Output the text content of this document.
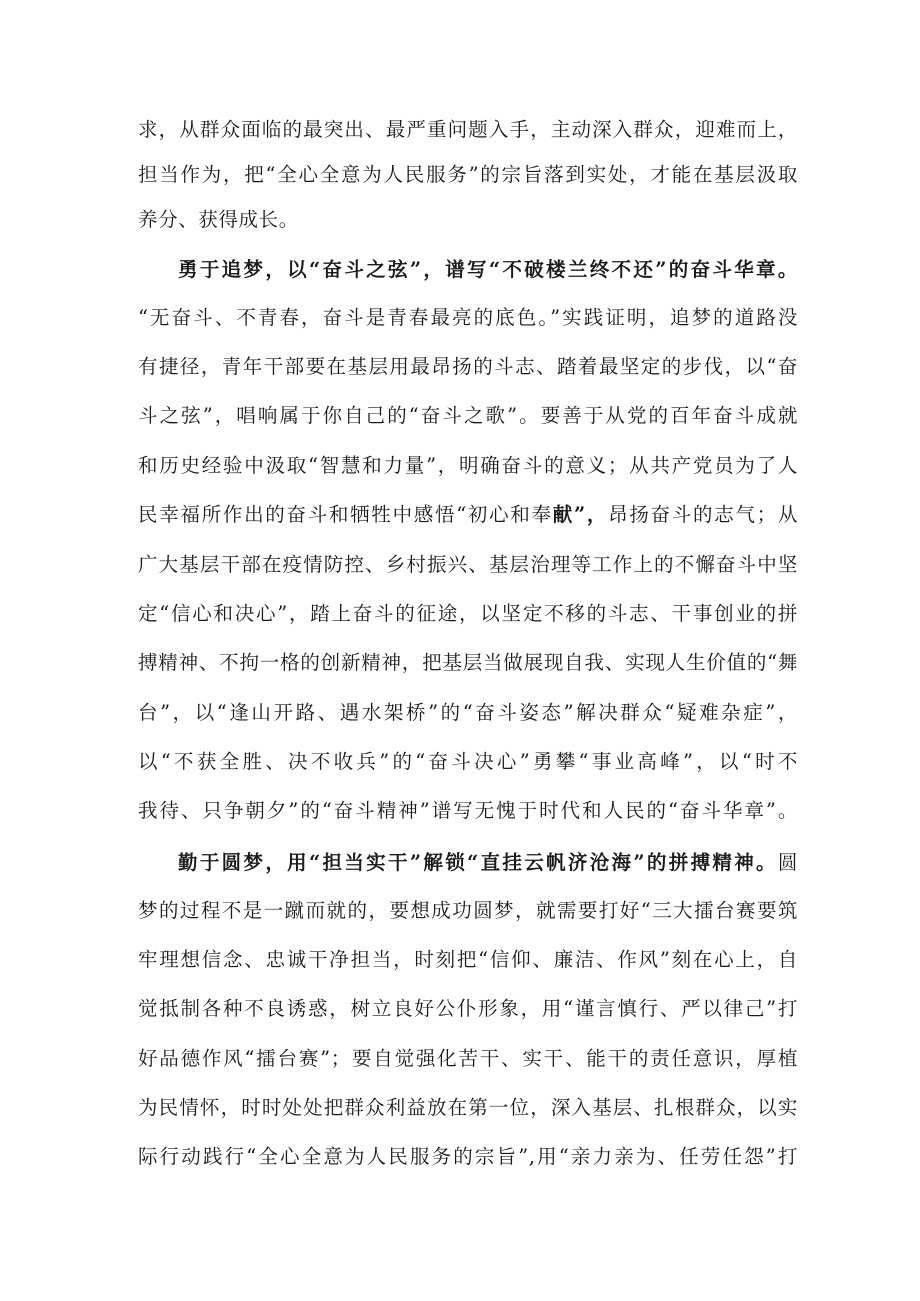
求，从群众面临的最突出、最严重问题入手，主动深入群众，迎难而上，
担当作为，把“全心全意为人民服务”的宗旨落到实处，才能在基层汲取
养分、获得成长。
勇于追梦，以“奋斗之弦”，谱写“不破楼兰终不还”的奋斗华章。
“无奋斗、不青春，奋斗是青春最亮的底色。”实践证明，追梦的道路没
有捷径，青年干部要在基层用最昂扬的斗志、踏着最坚定的步伐，以“奋
斗之弦”，唱响属于你自己的“奋斗之歌”。要善于从党的百年奋斗成就
和历史经验中汲取“智慧和力量”，明确奋斗的意义；从共产党员为了人
民幸福所作出的奋斗和牺牲中感悟“初心和奉献”，昂扬奋斗的志气；从
广大基层干部在疫情防控、乡村振兴、基层治理等工作上的不懈奋斗中坚
定“信心和决心”，踏上奋斗的征途，以坚定不移的斗志、干事创业的拼
搏精神、不拘一格的创新精神，把基层当做展现自我、实现人生价值的“舞
台”，以“逢山开路、遇水架桥”的“奋斗姿态”解决群众“疑难杂症”，
以“不获全胜、决不收兵”的“奋斗决心”勇攀“事业高峰”，以“时不
我待、只争朝夕”的“奋斗精神”谱写无愧于时代和人民的“奋斗华章”。
勤于圆梦，用“担当实干”解锁“直挂云帆济沧海”的拼搏精神。圆
梦的过程不是一蹴而就的，要想成功圆梦，就需要打好“三大擂台赛要筑
牢理想信念、忠诚干净担当，时刻把“信仰、廉洁、作风”刻在心上，自
觉抵制各种不良诱惑，树立良好公仆形象，用“谨言慎行、严以律己”打
好品德作风“擂台赛”；要自觉强化苦干、实干、能干的责任意识，厚植
为民情怀，时时处处把群众利益放在第一位，深入基层、扎根群众，以实
际行动践行“全心全意为人民服务的宗旨”,用“亲力亲为、任劳任怨”打
